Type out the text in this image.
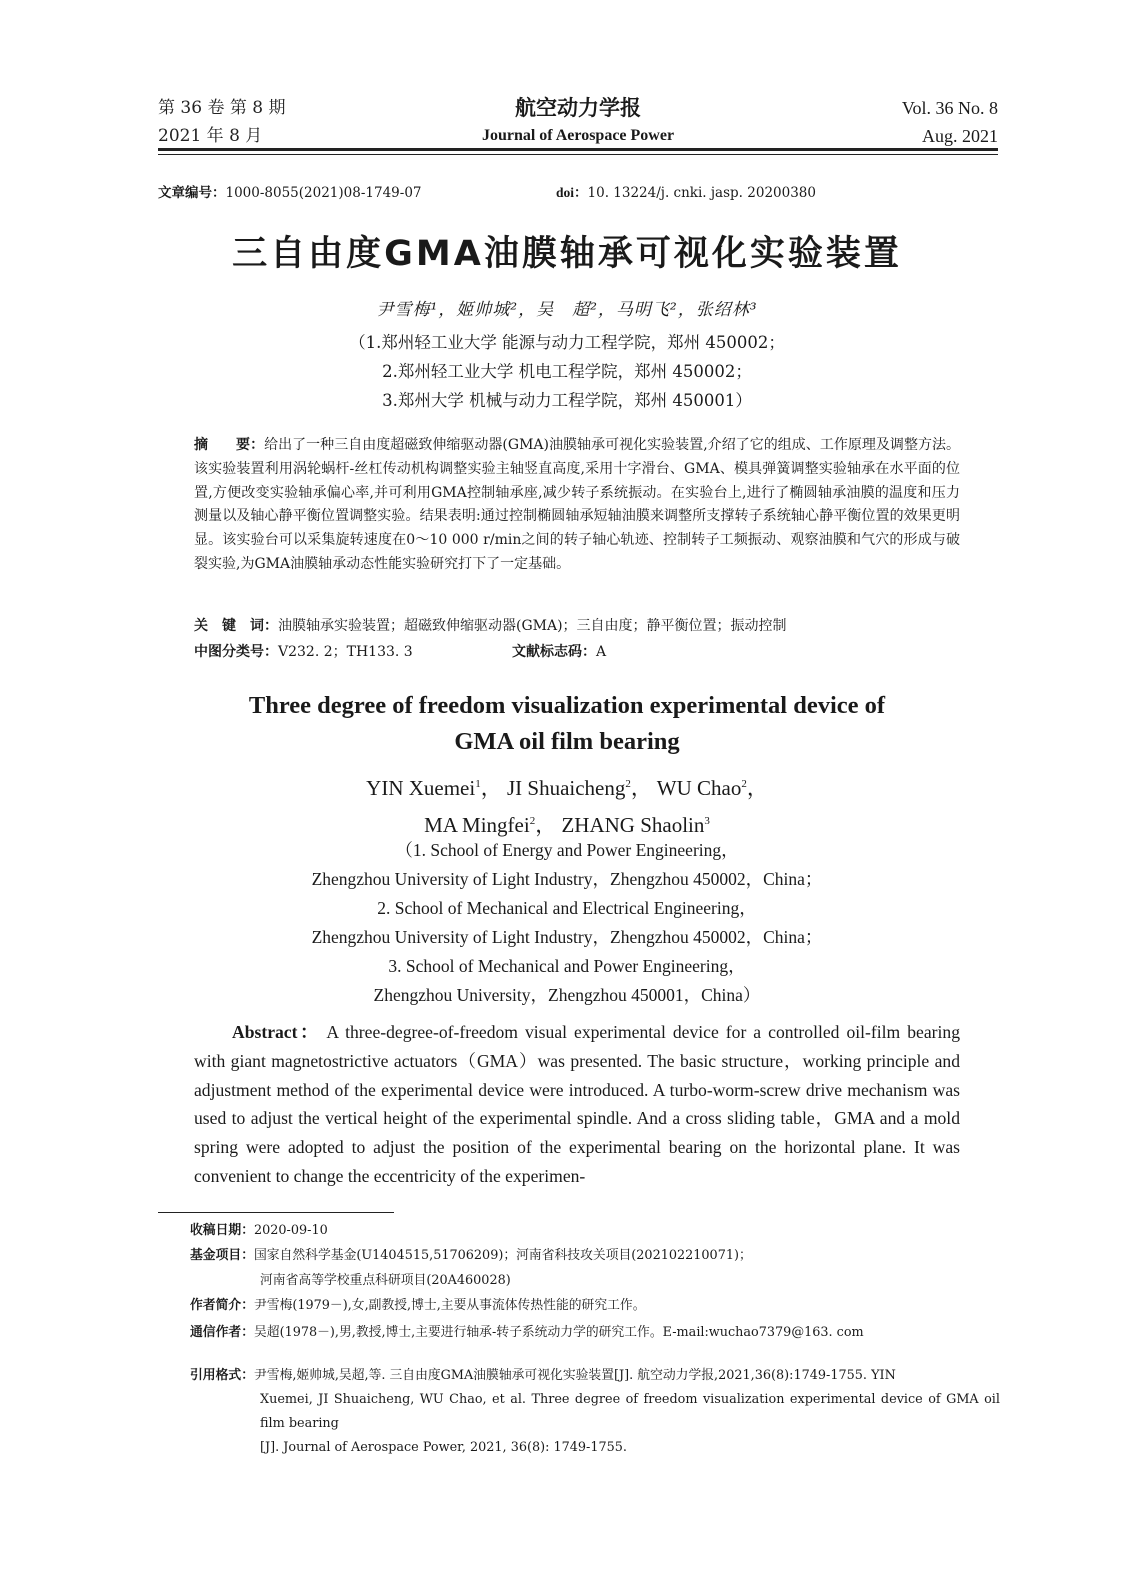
第 36 卷 第 8 期
2021 年 8 月
航空动力学报
Journal of Aerospace Power
Vol. 36 No. 8
Aug. 2021
文章编号：1000-8055(2021)08-1749-07	doi：10. 13224/j. cnki. jasp. 20200380
三自由度GMA油膜轴承可视化实验装置
尹雪梅¹，姬帅城²，吴　超²，马明飞²，张绍林³
（1.郑州轻工业大学 能源与动力工程学院，郑州 450002；
2.郑州轻工业大学 机电工程学院，郑州 450002；
3.郑州大学 机械与动力工程学院，郑州 450001）
摘　　要：给出了一种三自由度超磁致伸缩驱动器(GMA)油膜轴承可视化实验装置,介绍了它的组成、工作原理及调整方法。该实验装置利用涡轮蜗杆-丝杠传动机构调整实验主轴竖直高度,采用十字滑台、GMA、模具弹簧调整实验轴承在水平面的位置,方便改变实验轴承偏心率,并可利用GMA控制轴承座,减少转子系统振动。在实验台上,进行了椭圆轴承油膜的温度和压力测量以及轴心静平衡位置调整实验。结果表明:通过控制椭圆轴承短轴油膜来调整所支撑转子系统轴心静平衡位置的效果更明显。该实验台可以采集旋转速度在0～10 000 r/min之间的转子轴心轨迹、控制转子工频振动、观察油膜和气穴的形成与破裂实验,为GMA油膜轴承动态性能实验研究打下了一定基础。
关　键　词：油膜轴承实验装置；超磁致伸缩驱动器(GMA)；三自由度；静平衡位置；振动控制
中图分类号：V232. 2；TH133. 3	文献标志码：A
Three degree of freedom visualization experimental device of
GMA oil film bearing
YIN Xuemei$^1$， JI Shuaicheng$^2$， WU Chao$^2$，
MA Mingfei$^2$， ZHANG Shaolin$^3$
（1. School of Energy and Power Engineering，
Zhengzhou University of Light Industry，Zhengzhou 450002，China；
2. School of Mechanical and Electrical Engineering，
Zhengzhou University of Light Industry，Zhengzhou 450002，China；
3. School of Mechanical and Power Engineering，
Zhengzhou University，Zhengzhou 450001，China）
Abstract： A three-degree-of-freedom visual experimental device for a controlled oil-film bearing with giant magnetostrictive actuators（GMA）was presented. The basic structure，working principle and adjustment method of the experimental device were introduced. A turbo-worm-screw drive mechanism was used to adjust the vertical height of the experimental spindle. And a cross sliding table，GMA and a mold spring were adopted to adjust the position of the experimental bearing on the horizontal plane. It was convenient to change the eccentricity of the experimen-
收稿日期：2020-09-10
基金项目：国家自然科学基金(U1404515,51706209)；河南省科技攻关项目(202102210071)；
河南省高等学校重点科研项目(20A460028)
作者简介：尹雪梅(1979－),女,副教授,博士,主要从事流体传热性能的研究工作。
通信作者：吴超(1978－),男,教授,博士,主要进行轴承-转子系统动力学的研究工作。E-mail:wuchao7379@163. com
引用格式：尹雪梅,姬帅城,吴超,等. 三自由度GMA油膜轴承可视化实验装置[J]. 航空动力学报,2021,36(8):1749-1755. YIN
Xuemei, JI Shuaicheng, WU Chao, et al. Three degree of freedom visualization experimental device of GMA oil film bearing
[J]. Journal of Aerospace Power, 2021, 36(8): 1749-1755.
